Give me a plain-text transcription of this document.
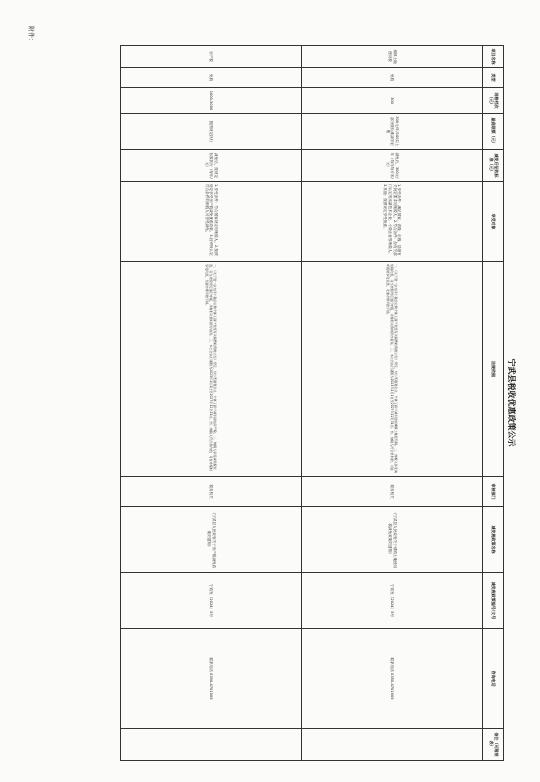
附件：
宁武县税收优惠政策公示
项目名称	类型	网格档次（元）	最高限额（元）	减免后征收标准（元）	享受对象	法规依据	审核部门	减免税政策名称	减免税政策编号/文号	咨询电话	备注（可附图表）
城镇土地使用税	免税	300	300元/年/100以上部分按标准减半征收	减免后，300元/年（每年每平米/元）	1.享受条件：满足国家、省级、市级、县级有关规定要求的纳税人。2.符合条件：经有关部门认定的高新技术企业、小微企业等纳税人。3.其他：按照规定享受优惠。	一、《关于进一步支持小微企业和个体工商户发展有关税费政策的公告》规定，对小型微利企业、个体工商户减半征收城镇土地使用税。二、纳税人享受减免税优惠，应当按照规定进行申报，并将相关资料留存备查。三、本公告执行期限为2023年1月1日至2027年12月31日。四、纳税人符合条件的，可在申报时享受优惠，无需办理审批手续。	税务机关	《宁武县人民政府关于城镇土地使用税减免政策的通知》	宁政发〔2024〕5号	联系电话 0350-4701909	
房产税	免税	1000-5000	按照规定执行	减免后，按规定标准执行（每年/元）	1.享受条件：符合国家规定的纳税人。2.按照规定享受房产税减免优惠政策。3.经审核认定符合条件的纳税人可享受减免。	一、《关于进一步支持小微企业和个体工商户发展有关税费政策的公告》规定，对小型微利企业、个体工商户减半征收房产税。二、纳税人享受减免税优惠，应当按照规定进行申报，并将相关资料留存备查。三、本公告执行期限为2023年1月1日至2027年12月31日。四、纳税人符合条件的，可在申报时享受优惠，无需办理审批手续。	税务机关	《宁武县人民政府关于房产税减免政策的通知》	宁政发〔2024〕5号	联系电话 0350-4701909	
